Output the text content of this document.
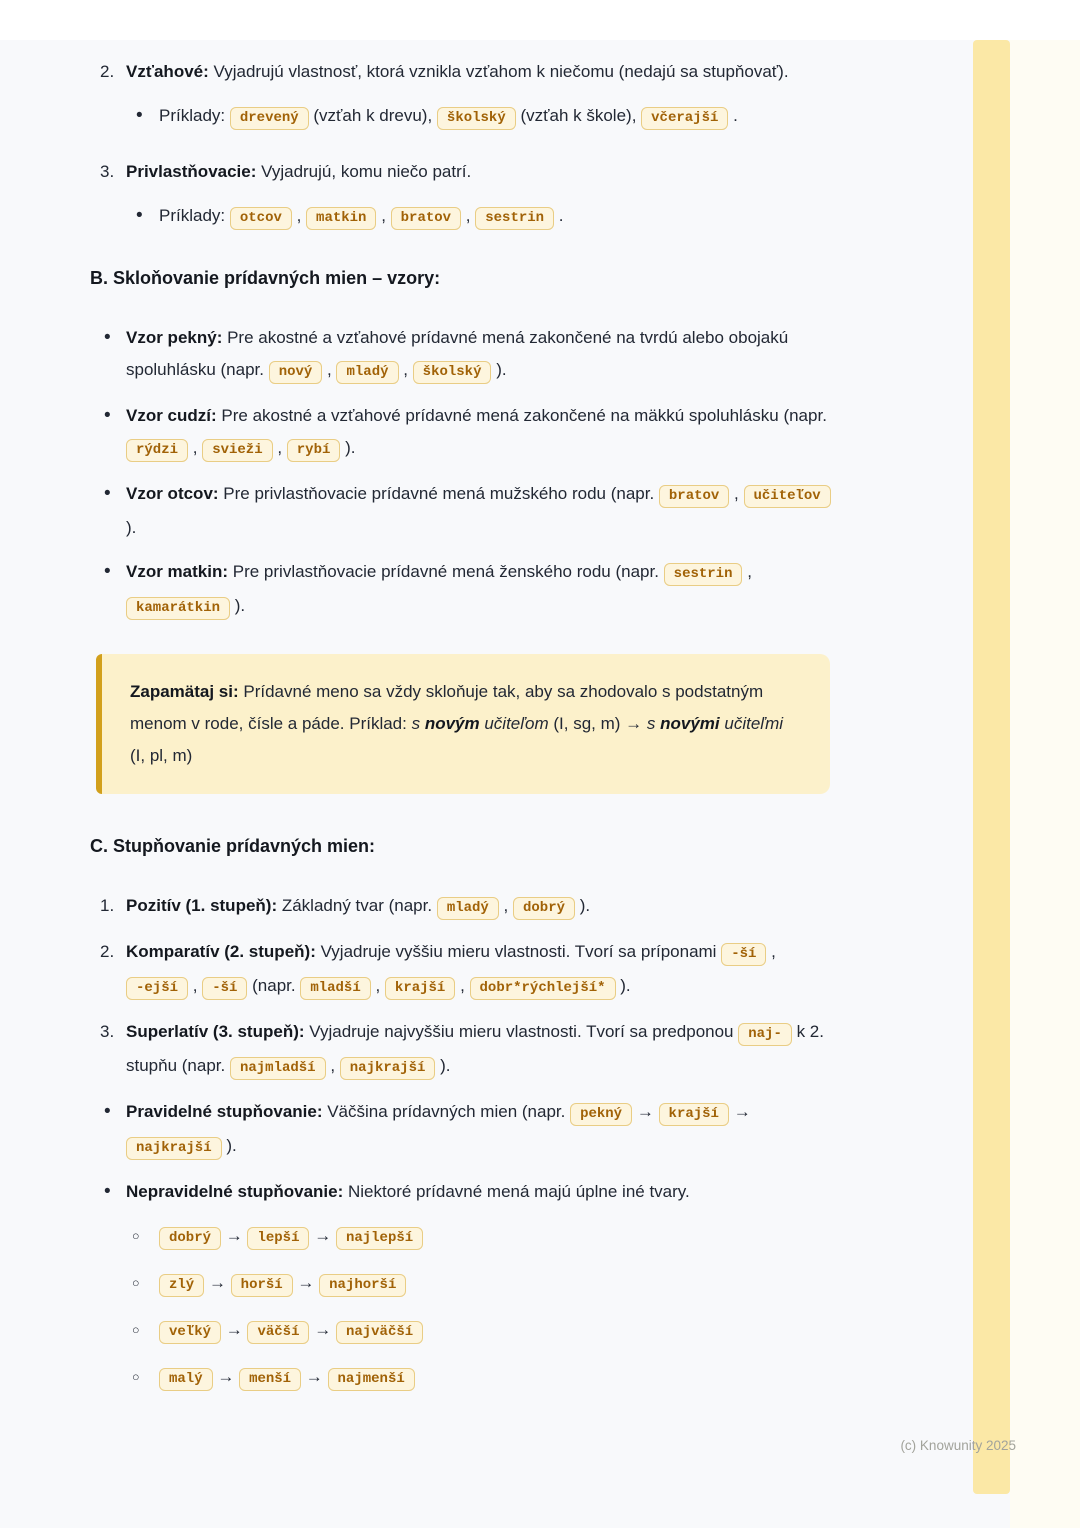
2. Vzťahové: Vyjadrujú vlastnosť, ktorá vznikla vzťahom k niečomu (nedajú sa stupňovať).
• Príklady: drevený (vzťah k drevu), školský (vzťah k škole), včerajší .
3. Privlastňovacie: Vyjadrujú, komu niečo patrí.
• Príklady: otcov , matkin , bratov , sestrin .
B. Skloňovanie prídavných mien – vzory:
• Vzor pekný: Pre akostné a vzťahové prídavné mená zakončené na tvrdú alebo obojakú spoluhlásku (napr. nový , mladý , školský ).
• Vzor cudzí: Pre akostné a vzťahové prídavné mená zakončené na mäkkú spoluhlásku (napr. rýdzi , svieži , rybí ).
• Vzor otcov: Pre privlastňovacie prídavné mená mužského rodu (napr. bratov , učiteľov ).
• Vzor matkin: Pre privlastňovacie prídavné mená ženského rodu (napr. sestrin , kamarátkin ).
Zapamätaj si: Prídavné meno sa vždy skloňuje tak, aby sa zhodovalo s podstatným menom v rode, čísle a páde. Príklad: s novým učiteľom (I, sg, m) → s novými učiteľmi (I, pl, m)
C. Stupňovanie prídavných mien:
1. Pozitív (1. stupeň): Základný tvar (napr. mladý , dobrý ).
2. Komparatív (2. stupeň): Vyjadruje vyššiu mieru vlastnosti. Tvorí sa príponami -ší , -ejší , -ší (napr. mladší , krajší , dobr*rýchlejší* ).
3. Superlatív (3. stupeň): Vyjadruje najvyššiu mieru vlastnosti. Tvorí sa predponou naj- k 2. stupňu (napr. najmladší , najkrajší ).
• Pravidelné stupňovanie: Väčšina prídavných mien (napr. pekný → krajší → najkrajší ).
• Nepravidelné stupňovanie: Niektoré prídavné mená majú úplne iné tvary.
○	dobrý → lepší → najlepší
○	zlý → horší → najhorší
○	veľký → väčší → najväčší
○	malý → menší → najmenší
(c) Knowunity 2025
